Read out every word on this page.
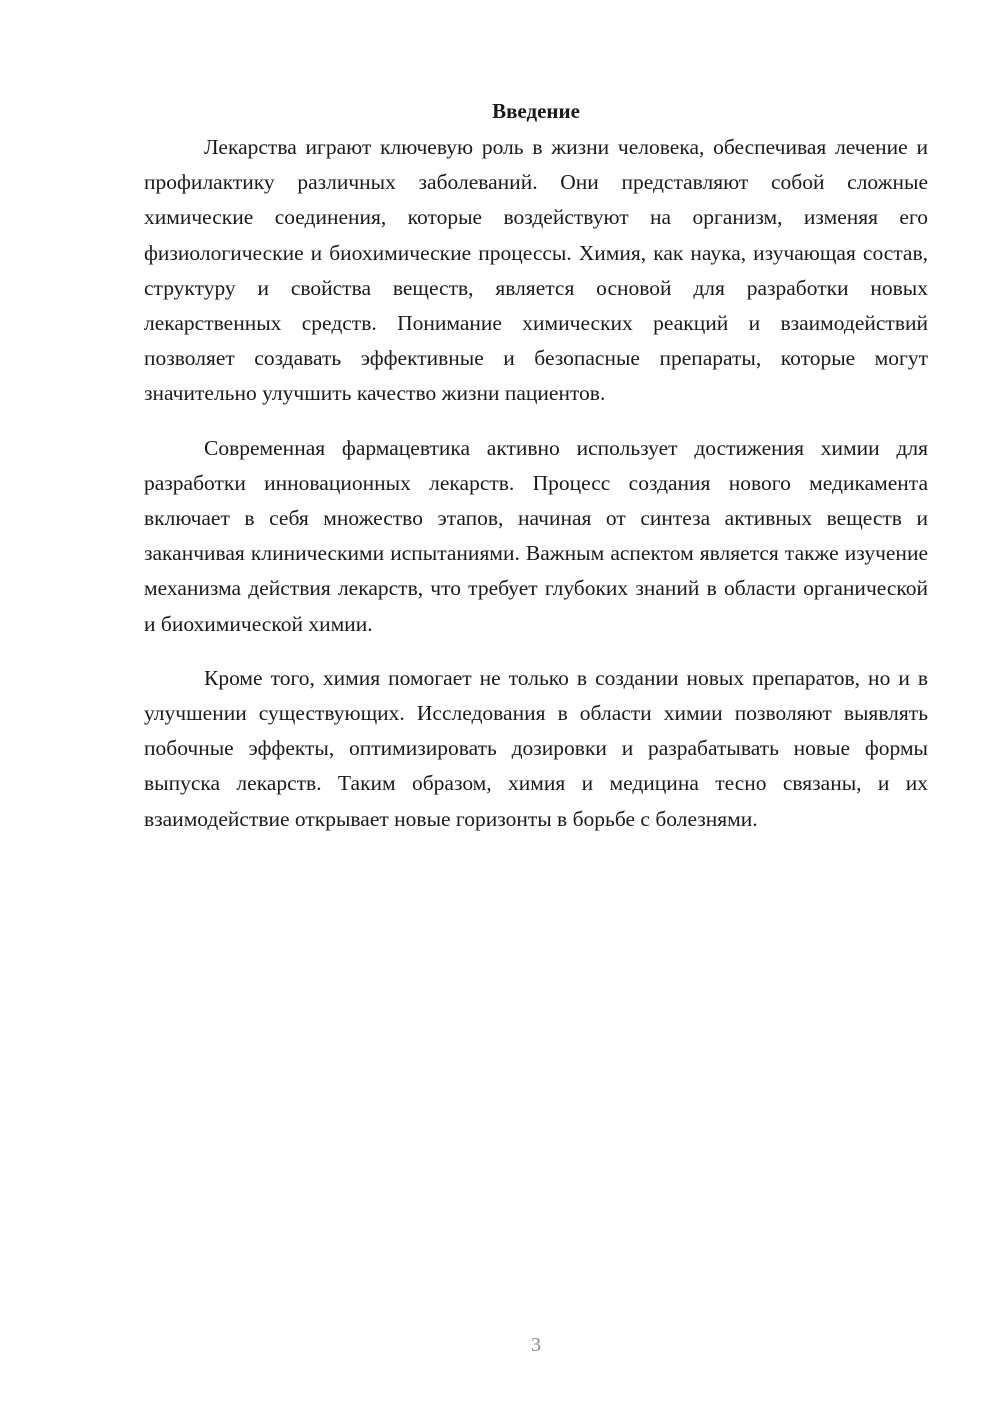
Введение

Лекарства играют ключевую роль в жизни человека, обеспечивая лечение и профилактику различных заболеваний. Они представляют собой сложные химические соединения, которые воздействуют на организм, изменяя его физиологические и биохимические процессы. Химия, как наука, изучающая состав, структуру и свойства веществ, является основой для разработки новых лекарственных средств. Понимание химических реакций и взаимодействий позволяет создавать эффективные и безопасные препараты, которые могут значительно улучшить качество жизни пациентов.

Современная фармацевтика активно использует достижения химии для разработки инновационных лекарств. Процесс создания нового медикамента включает в себя множество этапов, начиная от синтеза активных веществ и заканчивая клиническими испытаниями. Важным аспектом является также изучение механизма действия лекарств, что требует глубоких знаний в области органической и биохимической химии.

Кроме того, химия помогает не только в создании новых препаратов, но и в улучшении существующих. Исследования в области химии позволяют выявлять побочные эффекты, оптимизировать дозировки и разрабатывать новые формы выпуска лекарств. Таким образом, химия и медицина тесно связаны, и их взаимодействие открывает новые горизонты в борьбе с болезнями.

3
